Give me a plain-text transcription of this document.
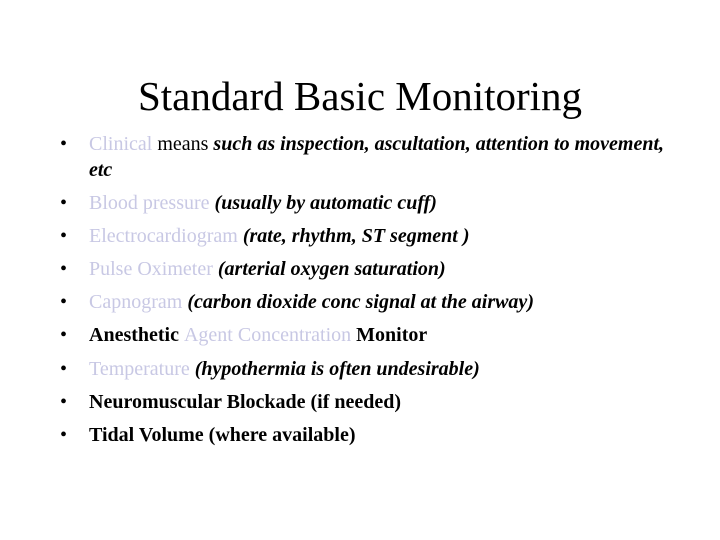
Standard Basic Monitoring
• Clinical means such as inspection, ascultation, attention to movement, etc
• Blood pressure (usually by automatic cuff)
• Electrocardiogram (rate, rhythm, ST segment )
• Pulse Oximeter (arterial oxygen saturation)
• Capnogram (carbon dioxide conc signal at the airway)
• Anesthetic Agent Concentration Monitor
• Temperature (hypothermia is often undesirable)
• Neuromuscular Blockade (if needed)
• Tidal Volume (where available)
